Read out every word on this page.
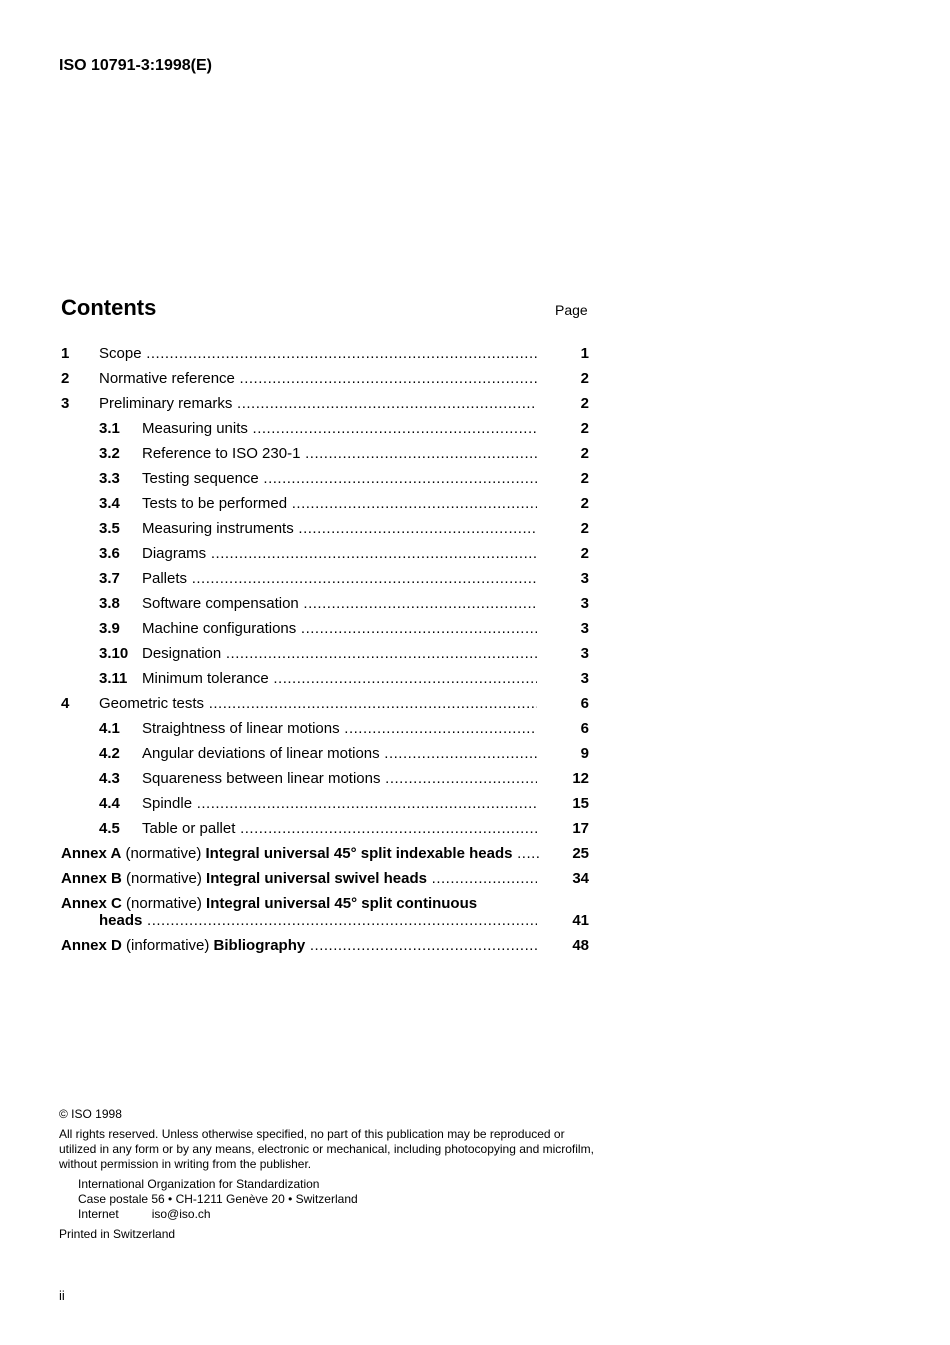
ISO 10791-3:1998(E)
Contents	Page
1 Scope .....	1
2 Normative reference .....	2
3 Preliminary remarks .....	2
3.1 Measuring units .....	2
3.2 Reference to ISO 230-1 .....	2
3.3 Testing sequence .....	2
3.4 Tests to be performed .....	2
3.5 Measuring instruments .....	2
3.6 Diagrams .....	2
3.7 Pallets .....	3
3.8 Software compensation .....	3
3.9 Machine configurations .....	3
3.10 Designation .....	3
3.11 Minimum tolerance .....	3
4 Geometric tests .....	6
4.1 Straightness of linear motions .....	6
4.2 Angular deviations of linear motions .....	9
4.3 Squareness between linear motions .....	12
4.4 Spindle .....	15
4.5 Table or pallet .....	17
Annex A (normative) Integral universal 45° split indexable heads .....	25
Annex B (normative) Integral universal swivel heads .....	34
Annex C (normative) Integral universal 45° split continuous
heads .....	41
Annex D (informative) Bibliography .....	48
© ISO 1998
All rights reserved. Unless otherwise specified, no part of this publication may be reproduced or utilized in any form or by any means, electronic or mechanical, including photocopying and microfilm, without permission in writing from the publisher.
International Organization for Standardization
Case postale 56 • CH-1211 Genève 20 • Switzerland
Internet	iso@iso.ch
Printed in Switzerland
ii
